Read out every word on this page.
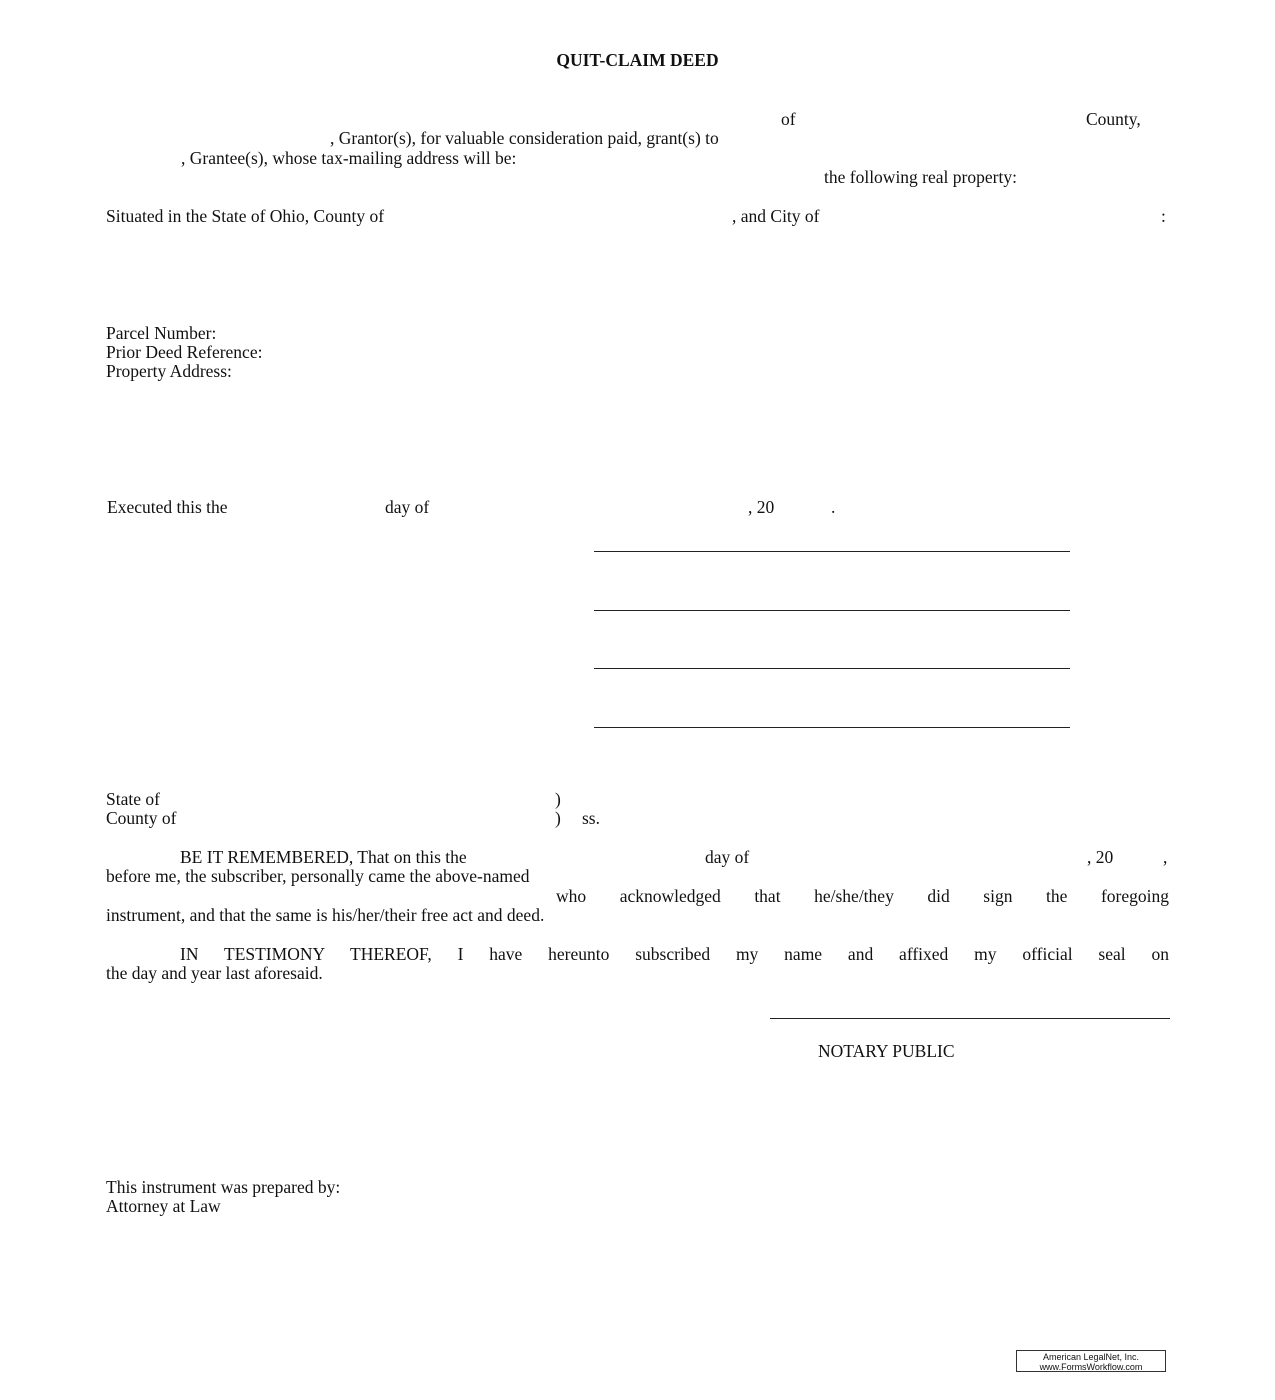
QUIT-CLAIM DEED
of	County,
, Grantor(s), for valuable consideration paid, grant(s) to
, Grantee(s), whose tax-mailing address will be:
the following real property:
Situated in the State of Ohio, County of	, and City of	:
Parcel Number:
Prior Deed Reference:
Property Address:
Executed this the	day of	, 20	.
State of	)
County of	) ss.
BE IT REMEMBERED, That on this the	day of	, 20	,
before me, the subscriber, personally came the above-named
who acknowledged that he/she/they did sign the foregoing
instrument, and that the same is his/her/their free act and deed.
IN TESTIMONY THEREOF, I have hereunto subscribed my name and affixed my official seal on
the day and year last aforesaid.
NOTARY PUBLIC
This instrument was prepared by:
Attorney at Law
American LegalNet, Inc.
www.FormsWorkflow.com
